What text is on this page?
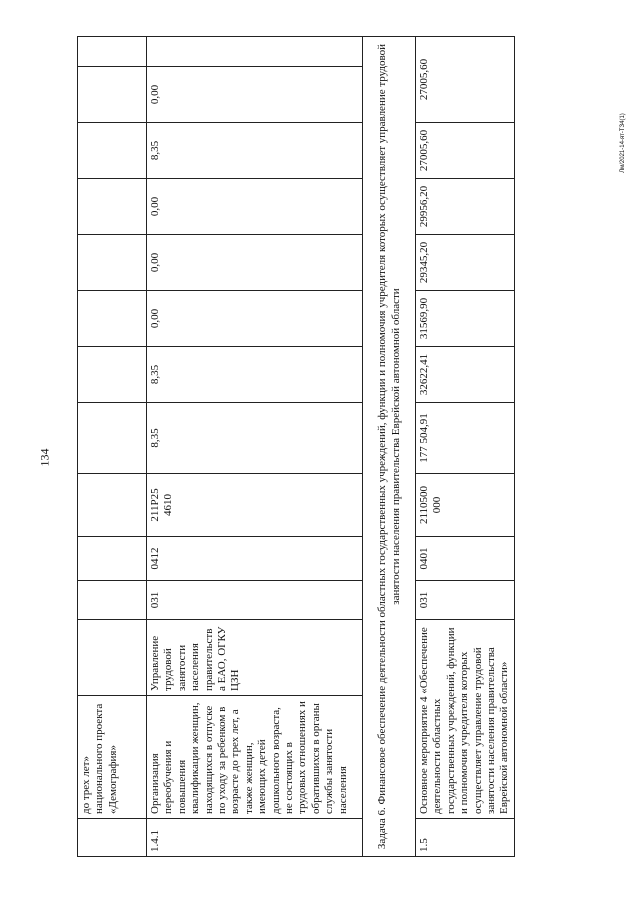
134
Лм/2021-14-ят-ТЗ4(1)
	до трех лет» национального проекта «Демография»												
1.4.1	Организация переобучения и повышения квалификации женщин, находящихся в отпуске по уходу за ребенком в возрасте до трех лет, а также женщин, имеющих детей дошкольного возраста, не состоящих в трудовых отношениях и обратившихся в органы службы занятости населения	Управление трудовой занятости населения правительства ЕАО, ОГКУ ЦЗН	031	0412	211Р25 4610	8,35	8,35	0,00	0,00	0,00	8,35	0,00	
Задача 6. Финансовое обеспечение деятельности областных государственных учреждений, функции и полномочия учредителя которых осуществляет управление трудовой занятости населения правительства Еврейской автономной области													
1.5	Основное мероприятие 4 «Обеспечение деятельности областных государственных учреждений, функции и полномочия учредителя которых осуществляет управление трудовой занятости населения правительства Еврейской автономной области»		031	0401	2110500 000	177 504,91	32622,41	31569,90	29345,20	29956,20	27005,60	27005,60	
